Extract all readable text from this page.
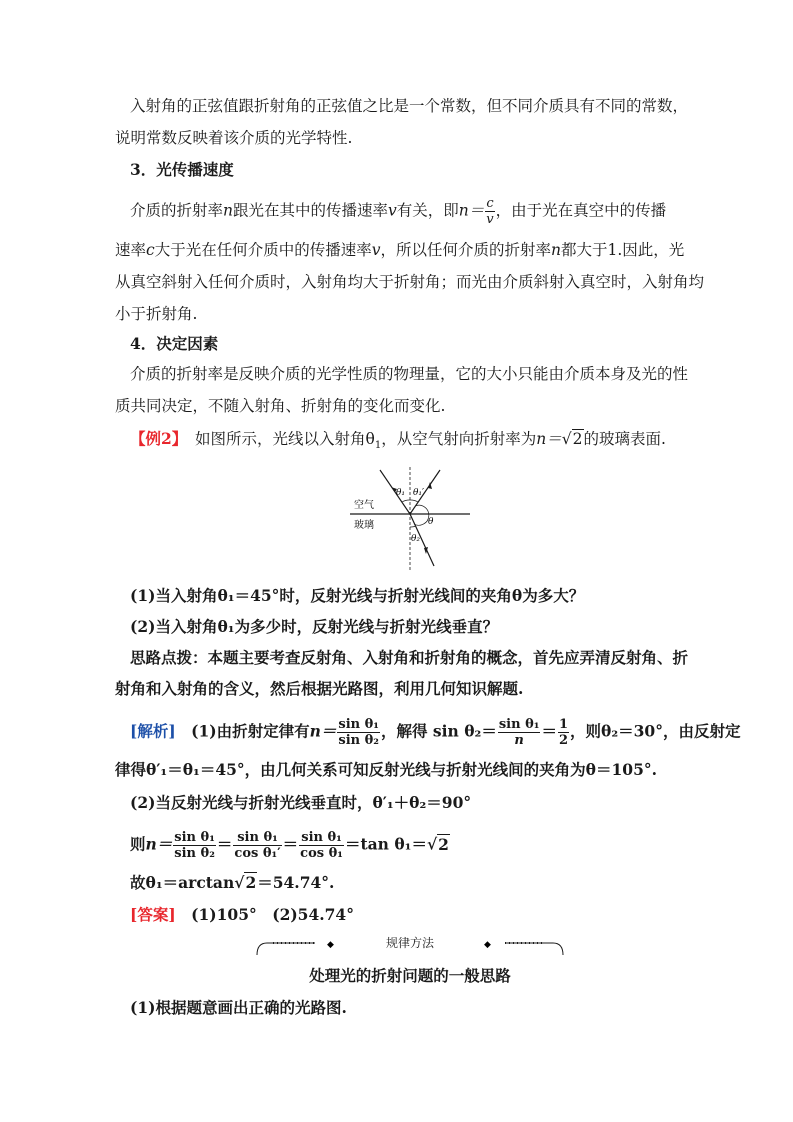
入射角的正弦值跟折射角的正弦值之比是一个常数，但不同介质具有不同的常数，
说明常数反映着该介质的光学特性.
3．光传播速度
介质的折射率n跟光在其中的传播速率v有关，即$n= \frac{c}{v}$ ，由于光在真空中的传播
速率c大于光在任何介质中的传播速率v，所以任何介质的折射率n都大于1.因此，光
从真空斜射入任何介质时，入射角均大于折射角；而光由介质斜射入真空时，入射角均
小于折射角.
4．决定因素
介质的折射率是反映介质的光学性质的物理量，它的大小只能由介质本身及光的性
质共同决定，不随入射角、折射角的变化而变化.
【例2】　如图所示，光线以入射角$\theta_1$，从空气射向折射率为n＝√2的玻璃表面.
空气
玻璃
θ₁ θ₁′
θ
θ₂
(1)当入射角θ₁＝45°时，反射光线与折射光线间的夹角θ为多大？
(2)当入射角θ₁为多少时，反射光线与折射光线垂直？
思路点拨：本题主要考查反射角、入射角和折射角的概念，首先应弄清反射角、折
射角和入射角的含义，然后根据光路图，利用几何知识解题.
[解析]　(1)由折射定律有$n= \frac{\text{sin θ₁}}{\text{sin θ₂}}$ ，解得 $\sin \theta_2= \frac{\text{sin θ₁}}{n} = \frac{1}{2}$ ，则θ₂＝30°，由反射定
律得θ′₁＝θ₁＝45°，由几何关系可知反射光线与折射光线间的夹角为θ＝105°.
(2)当反射光线与折射光线垂直时，θ′₁＋θ₂＝90°
则$n= \frac{\text{sin θ₁}}{\text{sin θ₂}} = \frac{\text{sin θ₁}}{\text{cos θ₁′}} = \frac{\text{sin θ₁}}{\text{cos θ₁}} =\tan$ θ₁＝√2
故θ₁＝arctan√2＝54.74°.
[答案]　(1)105°　(2)54.74°
◆	◆
规律方法
处理光的折射问题的一般思路
(1)根据题意画出正确的光路图.
